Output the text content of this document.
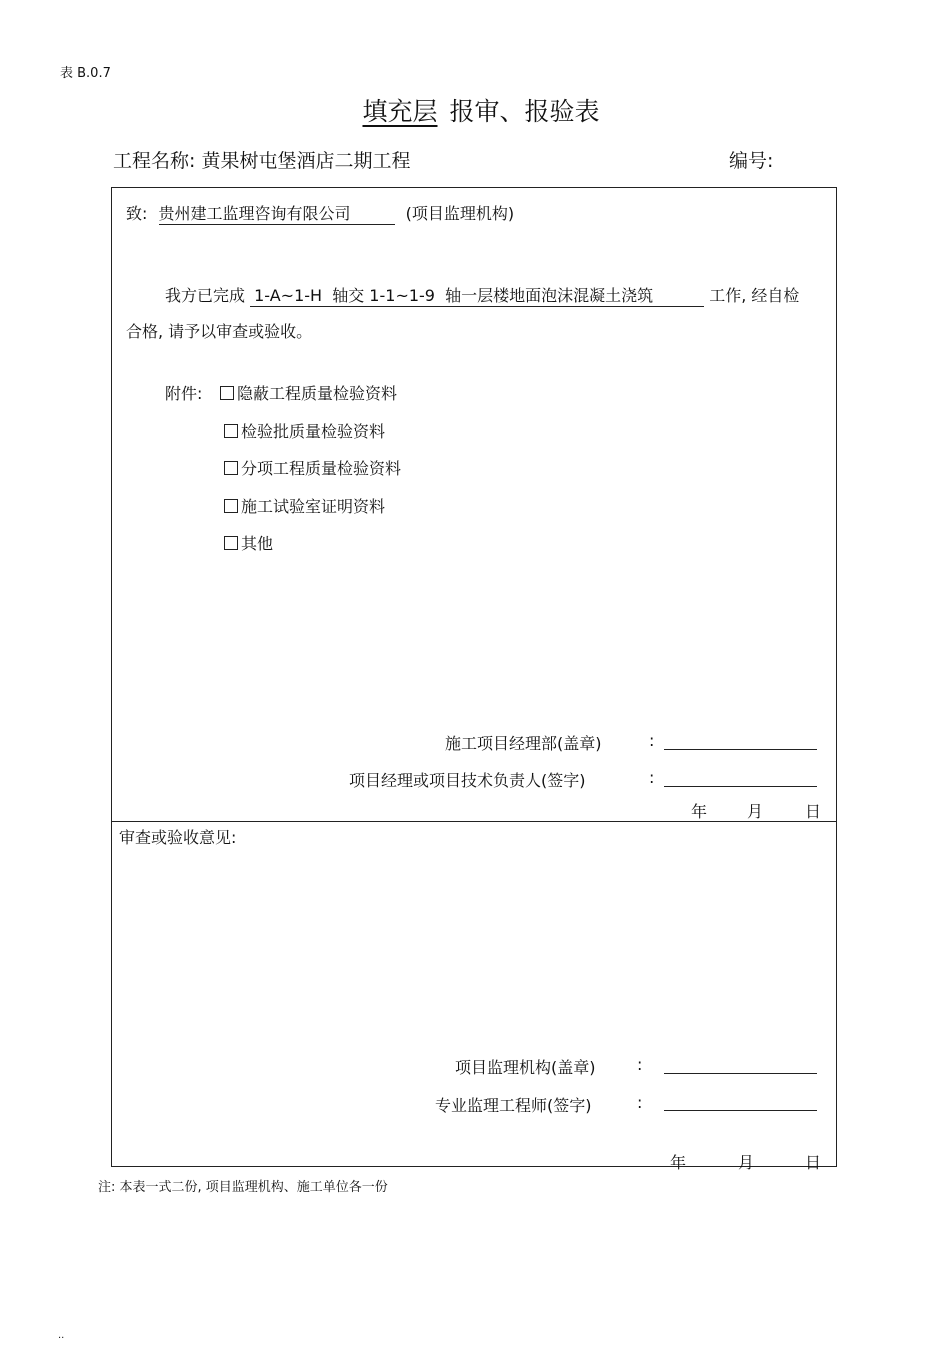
表 B.0.7
填充层 报审、报验表
工程名称: 黄果树屯堡酒店二期工程	编号:
致: 贵州建工监理咨询有限公司	(项目监理机构)
我方已完成 1-A~1-H  轴交 1-1~1-9  轴一层楼地面泡沫混凝土浇筑	工作, 经自检
合格, 请予以审查或验收。
附件:	隐蔽工程质量检验资料
检验批质量检验资料
分项工程质量检验资料
施工试验室证明资料
其他
施工项目经理部(盖章)	:
项目经理或项目技术负责人(签字)	:
年 月	日
审查或验收意见:
项目监理机构(盖章)	:
专业监理工程师(签字)	:
年	月	日
注: 本表一式二份, 项目监理机构、施工单位各一份
..
